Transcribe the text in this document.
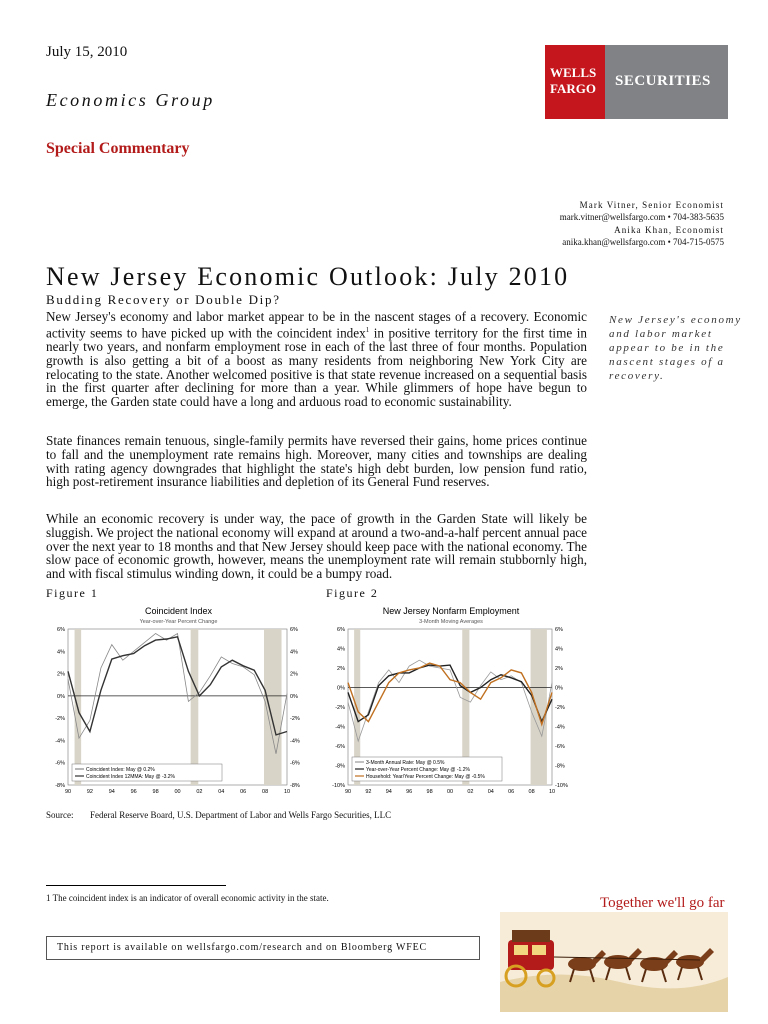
July 15, 2010
Economics Group
Special Commentary
WELLS
FARGO SECURITIES
Mark Vitner, Senior Economist
mark.vitner@wellsfargo.com • 704-383-5635
Anika Khan, Economist
anika.khan@wellsfargo.com • 704-715-0575
New Jersey Economic Outlook: July 2010
Budding Recovery or Double Dip?

New Jersey's economy and labor market appear to be in the nascent stages of a recovery. Economic activity seems to have picked up with the coincident index$^1$ in positive territory for the first time in nearly two years, and nonfarm employment rose in each of the last three of four months. Population growth is also getting a bit of a boost as many residents from neighboring New York City are relocating to the state. Another welcomed positive is that state revenue increased on a sequential basis in the first quarter after declining for more than a year. While glimmers of hope have begun to emerge, the Garden state could have a long and arduous road to economic sustainability.

State finances remain tenuous, single-family permits have reversed their gains, home prices continue to fall and the unemployment rate remains high. Moreover, many cities and townships are dealing with rating agency downgrades that highlight the state's high debt burden, low pension fund ratio, high post-retirement insurance liabilities and depletion of its General Fund reserves.

While an economic recovery is under way, the pace of growth in the Garden State will likely be sluggish. We project the national economy will expand at around a two-and-a-half percent annual pace over the next year to 18 months and that New Jersey should keep pace with the national economy. The slow pace of economic growth, however, means the unemployment rate will remain stubbornly high, and with fiscal stimulus winding down, it could be a bumpy road.

New Jersey's economy and labor market appear to be in the nascent stages of a recovery.
Figure 1	Figure 2
Coincident Index
Year-over-Year Percent Change
6%	6%
4%	4%
2%	2%
0%	0%
-2%	-2%
-4%	-4%
-6%	-6%
-8%	-8%
90	92	94	96	98	00	02	04	06	08	10
Coincident Index: May @ 0.2%
Coincident Index 12MMA: May @ -3.2%
New Jersey Nonfarm Employment
3-Month Moving Averages
6%	6%
4%	4%
2%	2%
0%	0%
-2%	-2%
-4%	-4%
-6%	-6%
-8%	-8%
-10%	-10%
90	92	94	96	98	00	02	04	06	08	10
3-Month Annual Rate: May @ 0.5%
Year-over-Year Percent Change: May @ -1.2%
Household: Year/Year Percent Change: May @ -0.5%
Source: Federal Reserve Board, U.S. Department of Labor and Wells Fargo Securities, LLC
1 The coincident index is an indicator of overall economic activity in the state.
This report is available on wellsfargo.com/research and on Bloomberg WFEC
Together we'll go far
